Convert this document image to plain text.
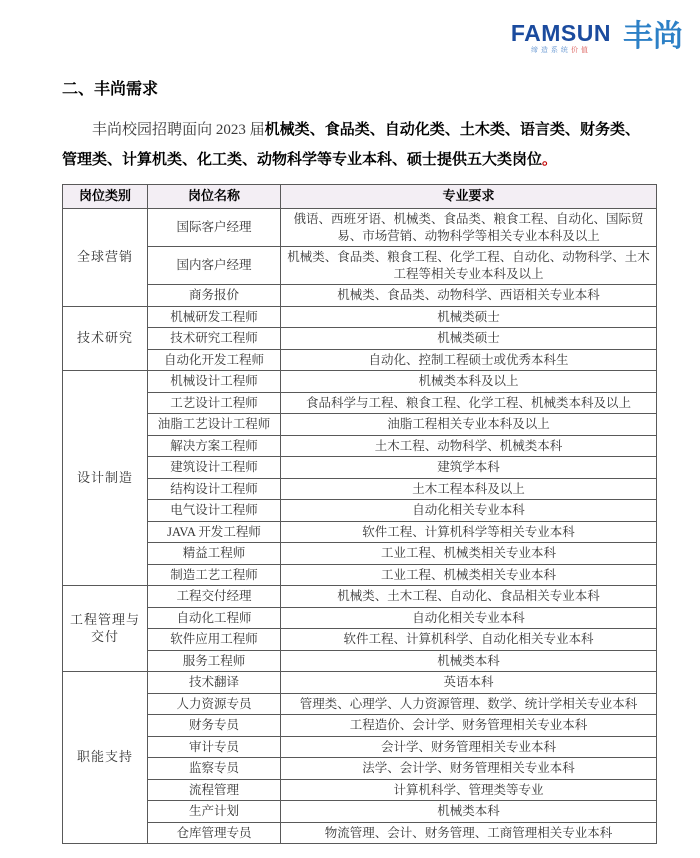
FAMSUN
缔造系统价值	丰尚
二、丰尚需求

丰尚校园招聘面向 2023 届机械类、食品类、自动化类、土木类、语言类、财务类、管理类、计算机类、化工类、动物科学等专业本科、硕士提供五大类岗位。

岗位类别	岗位名称	专业要求
全球营销	国际客户经理	俄语、西班牙语、机械类、食品类、粮食工程、自动化、国际贸易、市场营销、动物科学等相关专业本科及以上
	国内客户经理	机械类、食品类、粮食工程、化学工程、自动化、动物科学、土木工程等相关专业本科及以上
	商务报价	机械类、食品类、动物科学、西语相关专业本科
技术研究	机械研发工程师	机械类硕士
	技术研究工程师	机械类硕士
	自动化开发工程师	自动化、控制工程硕士或优秀本科生
设计制造	机械设计工程师	机械类本科及以上
	工艺设计工程师	食品科学与工程、粮食工程、化学工程、机械类本科及以上
	油脂工艺设计工程师	油脂工程相关专业本科及以上
	解决方案工程师	土木工程、动物科学、机械类本科
	建筑设计工程师	建筑学本科
	结构设计工程师	土木工程本科及以上
	电气设计工程师	自动化相关专业本科
	JAVA 开发工程师	软件工程、计算机科学等相关专业本科
	精益工程师	工业工程、机械类相关专业本科
	制造工艺工程师	工业工程、机械类相关专业本科
工程管理与交付	工程交付经理	机械类、土木工程、自动化、食品相关专业本科
	自动化工程师	自动化相关专业本科
	软件应用工程师	软件工程、计算机科学、自动化相关专业本科
	服务工程师	机械类本科
职能支持	技术翻译	英语本科
	人力资源专员	管理类、心理学、人力资源管理、数学、统计学相关专业本科
	财务专员	工程造价、会计学、财务管理相关专业本科
	审计专员	会计学、财务管理相关专业本科
	监察专员	法学、会计学、财务管理相关专业本科
	流程管理	计算机科学、管理类等专业
	生产计划	机械类本科
	仓库管理专员	物流管理、会计、财务管理、工商管理相关专业本科
